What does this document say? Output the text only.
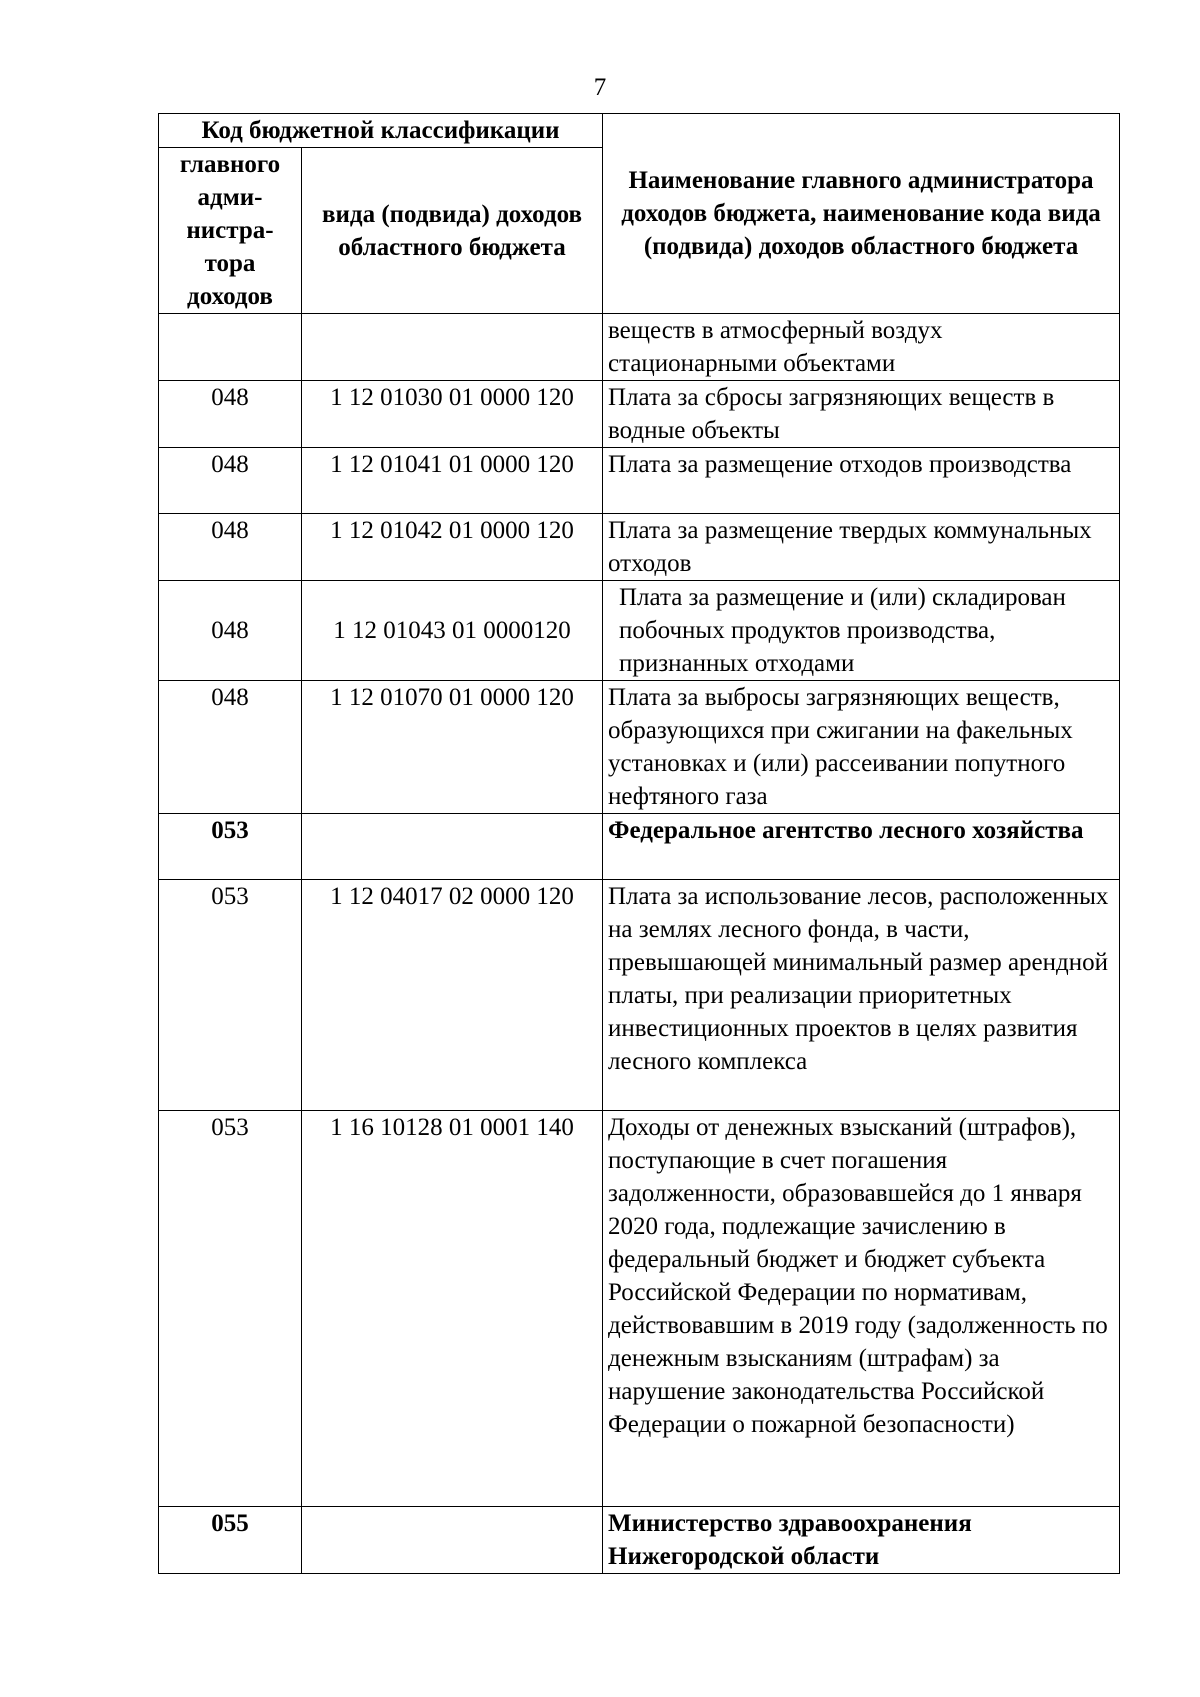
7
Код бюджетной классификации		Наименование главного администратора доходов бюджета, наименование кода вида (подвида) доходов областного бюджета
главного адми- нистра- тора доходов	вида (подвида) доходов областного бюджета	
		веществ в атмосферный воздух стационарными объектами
048	1 12 01030 01 0000 120	Плата за сбросы загрязняющих веществ в водные объекты
048	1 12 01041 01 0000 120	Плата за размещение отходов производства
048	1 12 01042 01 0000 120	Плата за размещение твердых коммунальных отходов
048	1 12 01043 01 0000120	Плата за размещение и (или) складирован
побочных продуктов производства,
признанных отходами

048	1 12 01070 01 0000 120	Плата за выбросы загрязняющих веществ, образующихся при сжигании на факельных установках и (или) рассеивании попутного нефтяного газа
053		Федеральное агентство лесного хозяйства
053	1 12 04017 02 0000 120	Плата за использование лесов, расположенных на землях лесного фонда, в части, превышающей минимальный размер арендной платы, при реализации приоритетных инвестиционных проектов в целях развития лесного комплекса
053	1 16 10128 01 0001 140	Доходы от денежных взысканий (штрафов), поступающие в счет погашения задолженности, образовавшейся до 1 января 2020 года, подлежащие зачислению в федеральный бюджет и бюджет субъекта Российской Федерации по нормативам, действовавшим в 2019 году (задолженность по денежным взысканиям (штрафам) за нарушение законодательства Российской Федерации о пожарной безопасности)
055		Министерство здравоохранения Нижегородской области
